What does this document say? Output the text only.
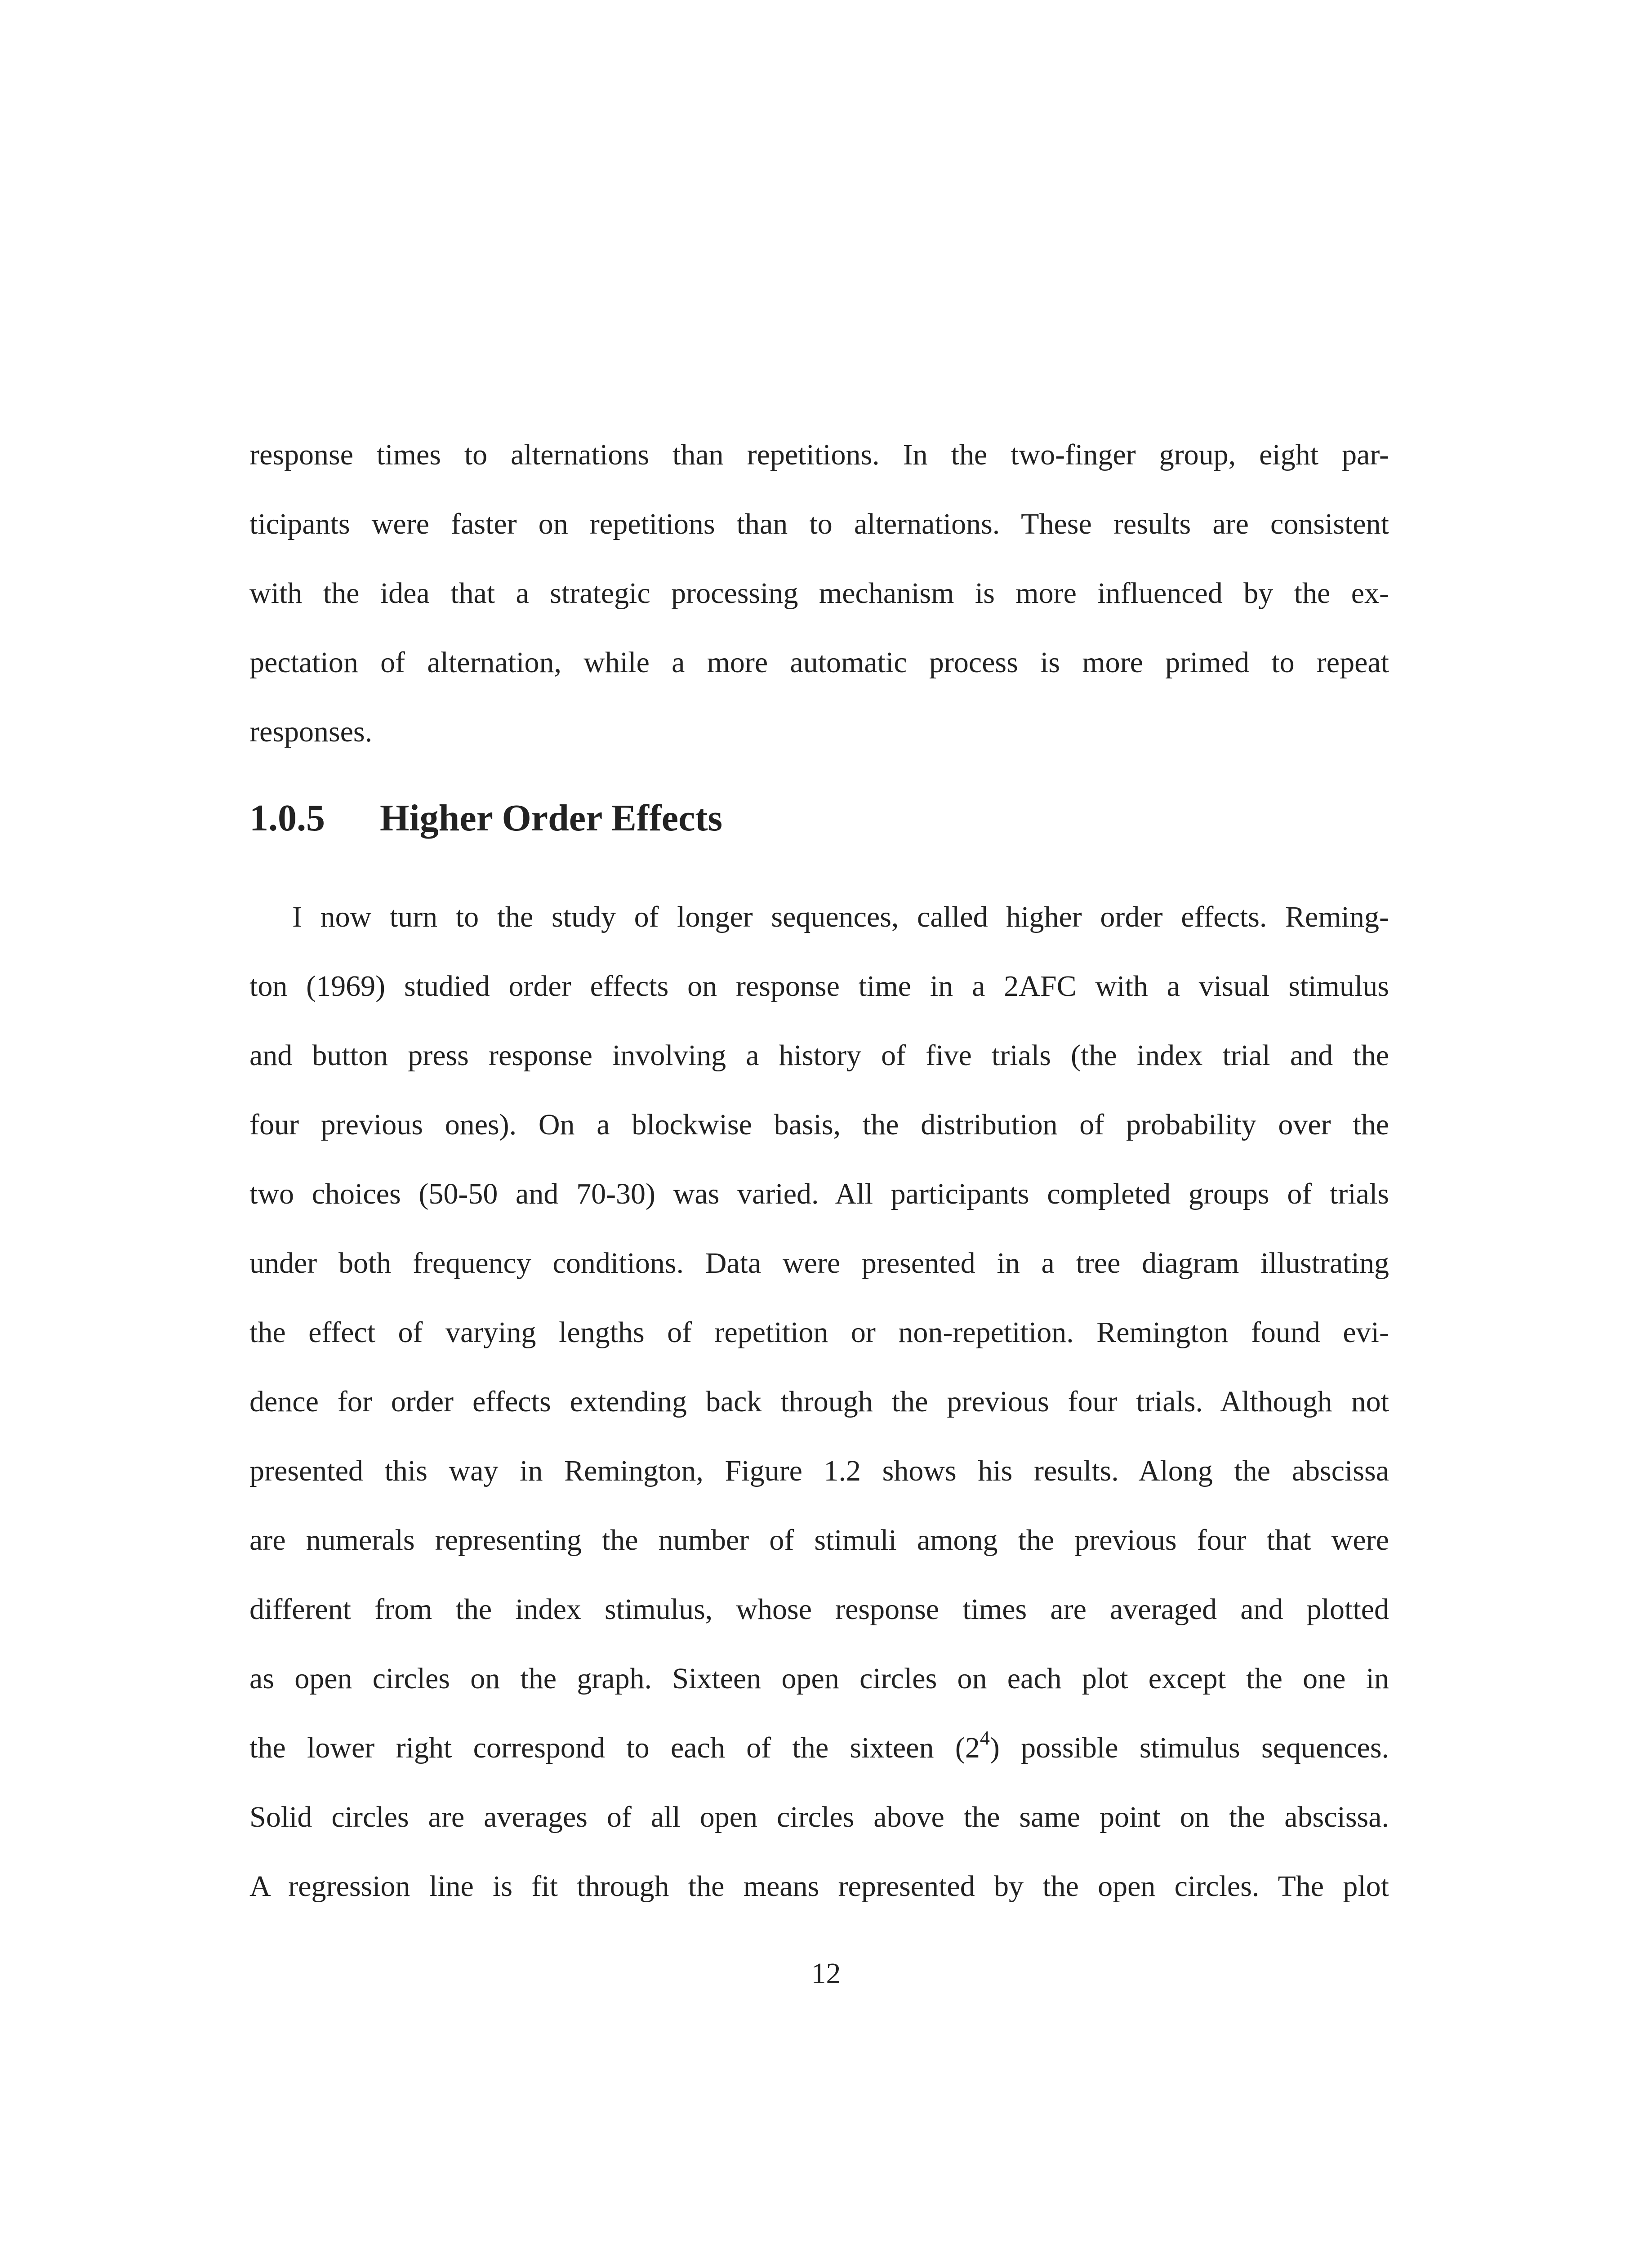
response times to alternations than repetitions. In the two-finger group, eight par-
ticipants were faster on repetitions than to alternations. These results are consistent
with the idea that a strategic processing mechanism is more influenced by the ex-
pectation of alternation, while a more automatic process is more primed to repeat
responses.

1.0.5 Higher Order Effects

I now turn to the study of longer sequences, called higher order effects. Reming-
ton (1969) studied order effects on response time in a 2AFC with a visual stimulus
and button press response involving a history of five trials (the index trial and the
four previous ones). On a blockwise basis, the distribution of probability over the
two choices (50-50 and 70-30) was varied. All participants completed groups of trials
under both frequency conditions. Data were presented in a tree diagram illustrating
the effect of varying lengths of repetition or non-repetition. Remington found evi-
dence for order effects extending back through the previous four trials. Although not
presented this way in Remington, Figure 1.2 shows his results. Along the abscissa
are numerals representing the number of stimuli among the previous four that were
different from the index stimulus, whose response times are averaged and plotted
as open circles on the graph. Sixteen open circles on each plot except the one in
the lower right correspond to each of the sixteen $(2^4)$ possible stimulus sequences.
Solid circles are averages of all open circles above the same point on the abscissa.
A regression line is fit through the means represented by the open circles. The plot

12
